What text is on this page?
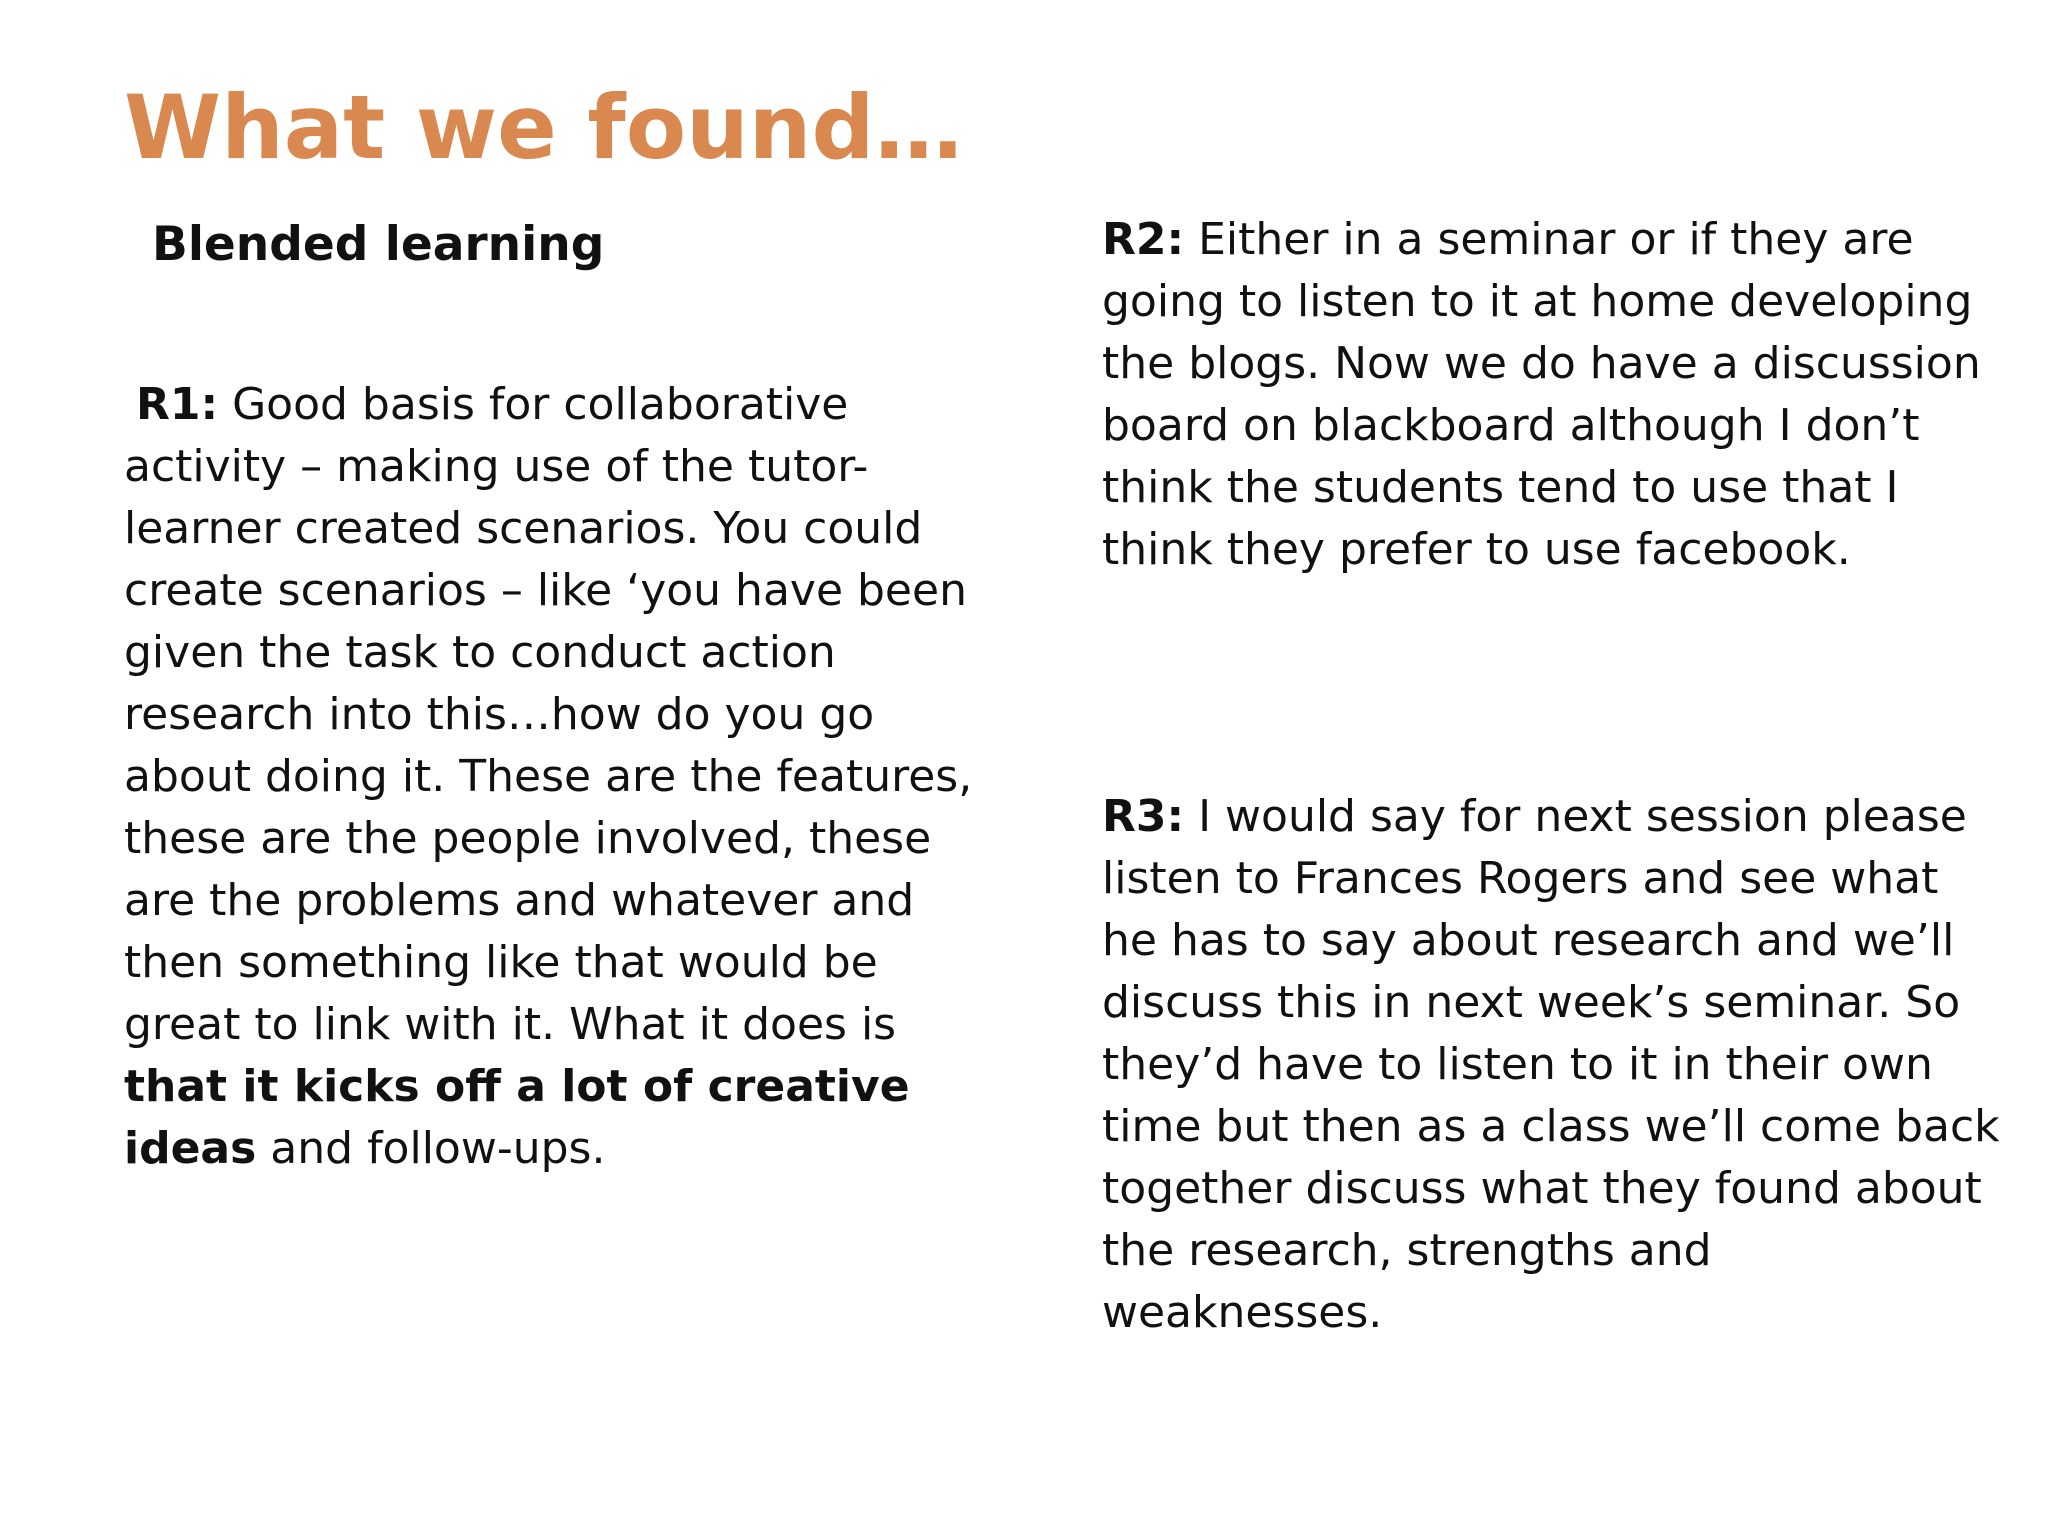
What we found…
Blended learning

R1: Good basis for collaborative activity – making use of the tutor-learner created scenarios. You could create scenarios – like ‘you have been given the task to conduct action research into this…how do you go about doing it. These are the features, these are the people involved, these are the problems and whatever and then something like that would be great to link with it. What it does is that it kicks off a lot of creative ideas and follow-ups.

R2: Either in a seminar or if they are going to listen to it at home developing the blogs. Now we do have a discussion board on blackboard although I don’t think the students tend to use that I think they prefer to use facebook.

R3: I would say for next session please listen to Frances Rogers and see what he has to say about research and we’ll discuss this in next week’s seminar. So they’d have to listen to it in their own time but then as a class we’ll come back together discuss what they found about the research, strengths and weaknesses.
